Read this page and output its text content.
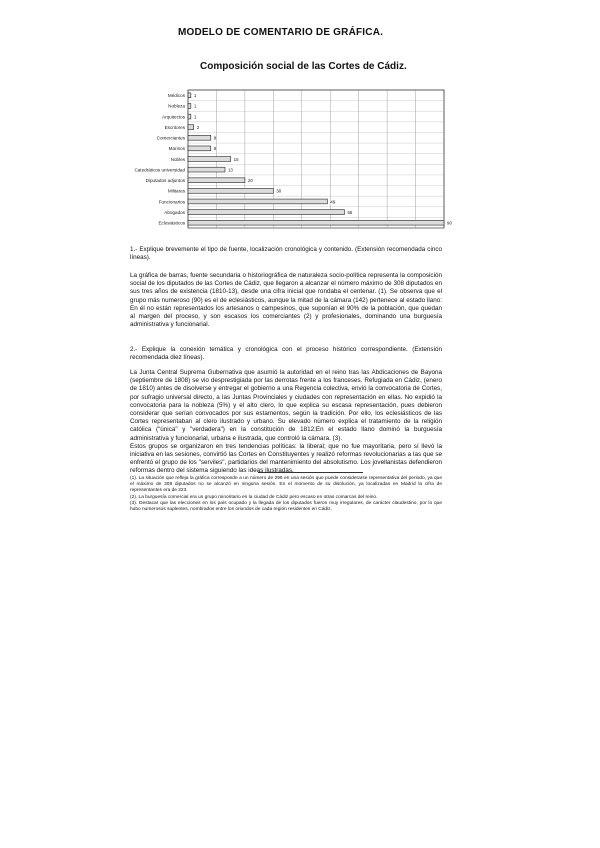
MODELO DE COMENTARIO DE GRÁFICA.
Composición social de las Cortes de Cádiz.
Médicos 1
Nobleza 1
Arquitectos 1
Escritores	2
Comerciantes	8
Marinos	8
Nobles	15
Catedráticos universidad	13
Diputados adjuntos	20
Militares	30
Funcionarios	49
Abogados	55
Eclesiásticos	90
1.- Explique brevemente el tipo de fuente, localización cronológica y contenido. (Extensión recomendada cinco líneas).
La gráfica de barras, fuente secundaria o historiográfica de naturaleza socio-política representa la composición social de los diputados de las Cortes de Cádiz, que llegaron a alcanzar el número máximo de 308 diputados en sus tres años de existencia (1810-13), desde una cifra inicial que rondaba el centenar. (1). Se observa que el grupo más numeroso (90) es el de eclesiásticos, aunque la mitad de la cámara (142) pertenece al estado llano: En él no están representados los artesanos o campesinos, que suponían el 90% de la población, que quedan al margen del proceso, y son escasos los comerciantes (2) y profesionales, dominando una burguesía administrativa y funcionarial.
2.- Explique la conexión temática y cronológica con el proceso histórico correspondiente. (Extensión recomendada diez líneas).

La Junta Central Suprema Gubernativa que asumió la autoridad en el reino tras las Abdicaciones de Bayona (septiembre de 1808) se vio desprestigiada por las derrotas frente a los franceses. Refugiada en Cádiz, (enero de 1810) antes de disolverse y entregar el gobierno a una Regencia colectiva, envió la convocatoria de Cortes, por sufragio universal directo, a las Juntas Provinciales y ciudades con representación en ellas. No expidió la convocatoria para la nobleza (5%) y el alto clero, lo que explica su escasa representación, pues debieron considerar que serían convocados por sus estamentos, según la tradición. Por ello, los eclesiásticos de las Cortes representaban al clero ilustrado y urbano. Su elevado número explica el tratamiento de la religión católica ("única" y "verdadera") en la constitución de 1812;En el estado llano dominó la burguesía administrativa y funcionarial, urbana e ilustrada, que controló la cámara. (3).

Estos grupos se organizaron en tres tendencias políticas: la liberal; que no fue mayoritaria, pero sí llevó la iniciativa en las sesiones, convirtió las Cortes en Constituyentes y realizó reformas revolucionarias a las que se enfrentó el grupo de los "serviles", partidarios del mantenimiento del absolutismo. Los jovellanistas defendieron reformas dentro del sistema siguiendo las ideas ilustradas.

(1). La situación que refleja la gráfica corresponde a un número de 296 en una sesión que puede considerarse representativa del periodo, ya que el máximo de 308 diputados no se alcanzó en ninguna sesión. En el momento de su disolución, ya localizadas en Madrid la cifra de representantes era de 223.

(2). La burguesía comercial era un grupo minoritario en la ciudad de Cádiz pero escaso en otras comarcas del reino.

(3). Destacar que las elecciones en los país ocupado y la llegada de los diputados fueron muy irregulares, de carácter claudestino, por lo que hubo numerosos suplentes, nombrados entre los oriundos de cada región residentes en Cádiz.
